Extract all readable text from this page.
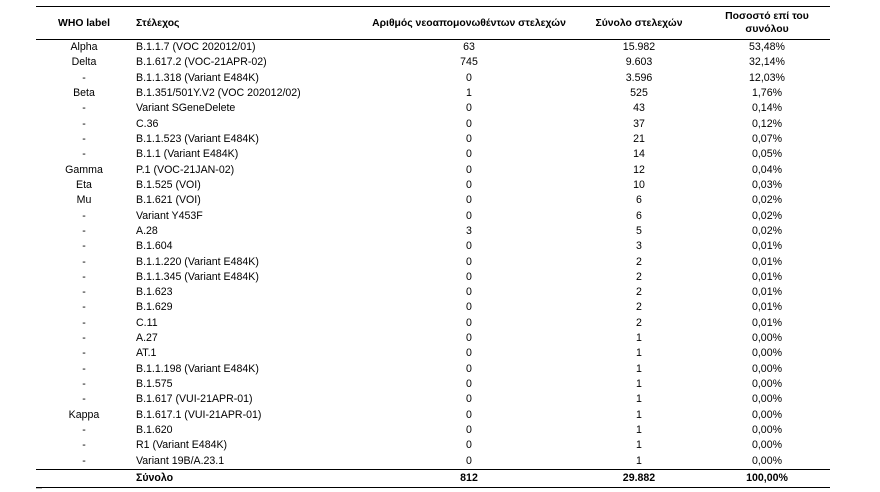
WHO label	Στέλεχος	Αριθμός νεοαπομονωθέντων στελεχών	Σύνολο στελεχών	Ποσοστό επί του συνόλου
Alpha	B.1.1.7 (VOC 202012/01)	63	15.982	53,48%
Delta	B.1.617.2 (VOC-21APR-02)	745	9.603	32,14%
-	B.1.1.318 (Variant E484K)	0	3.596	12,03%
Beta	B.1.351/501Y.V2 (VOC 202012/02)	1	525	1,76%
-	Variant SGeneDelete	0	43	0,14%
-	C.36	0	37	0,12%
-	B.1.1.523 (Variant E484K)	0	21	0,07%
-	B.1.1 (Variant E484K)	0	14	0,05%
Gamma	P.1 (VOC-21JAN-02)	0	12	0,04%
Eta	B.1.525 (VOI)	0	10	0,03%
Mu	B.1.621 (VOI)	0	6	0,02%
-	Variant Y453F	0	6	0,02%
-	A.28	3	5	0,02%
-	B.1.604	0	3	0,01%
-	B.1.1.220 (Variant E484K)	0	2	0,01%
-	B.1.1.345 (Variant E484K)	0	2	0,01%
-	B.1.623	0	2	0,01%
-	B.1.629	0	2	0,01%
-	C.11	0	2	0,01%
-	A.27	0	1	0,00%
-	AT.1	0	1	0,00%
-	B.1.1.198 (Variant E484K)	0	1	0,00%
-	B.1.575	0	1	0,00%
-	B.1.617 (VUI-21APR-01)	0	1	0,00%
Kappa	B.1.617.1 (VUI-21APR-01)	0	1	0,00%
-	B.1.620	0	1	0,00%
-	R1 (Variant E484K)	0	1	0,00%
-	Variant 19B/A.23.1	0	1	0,00%
	Σύνολο	812	29.882	100,00%
